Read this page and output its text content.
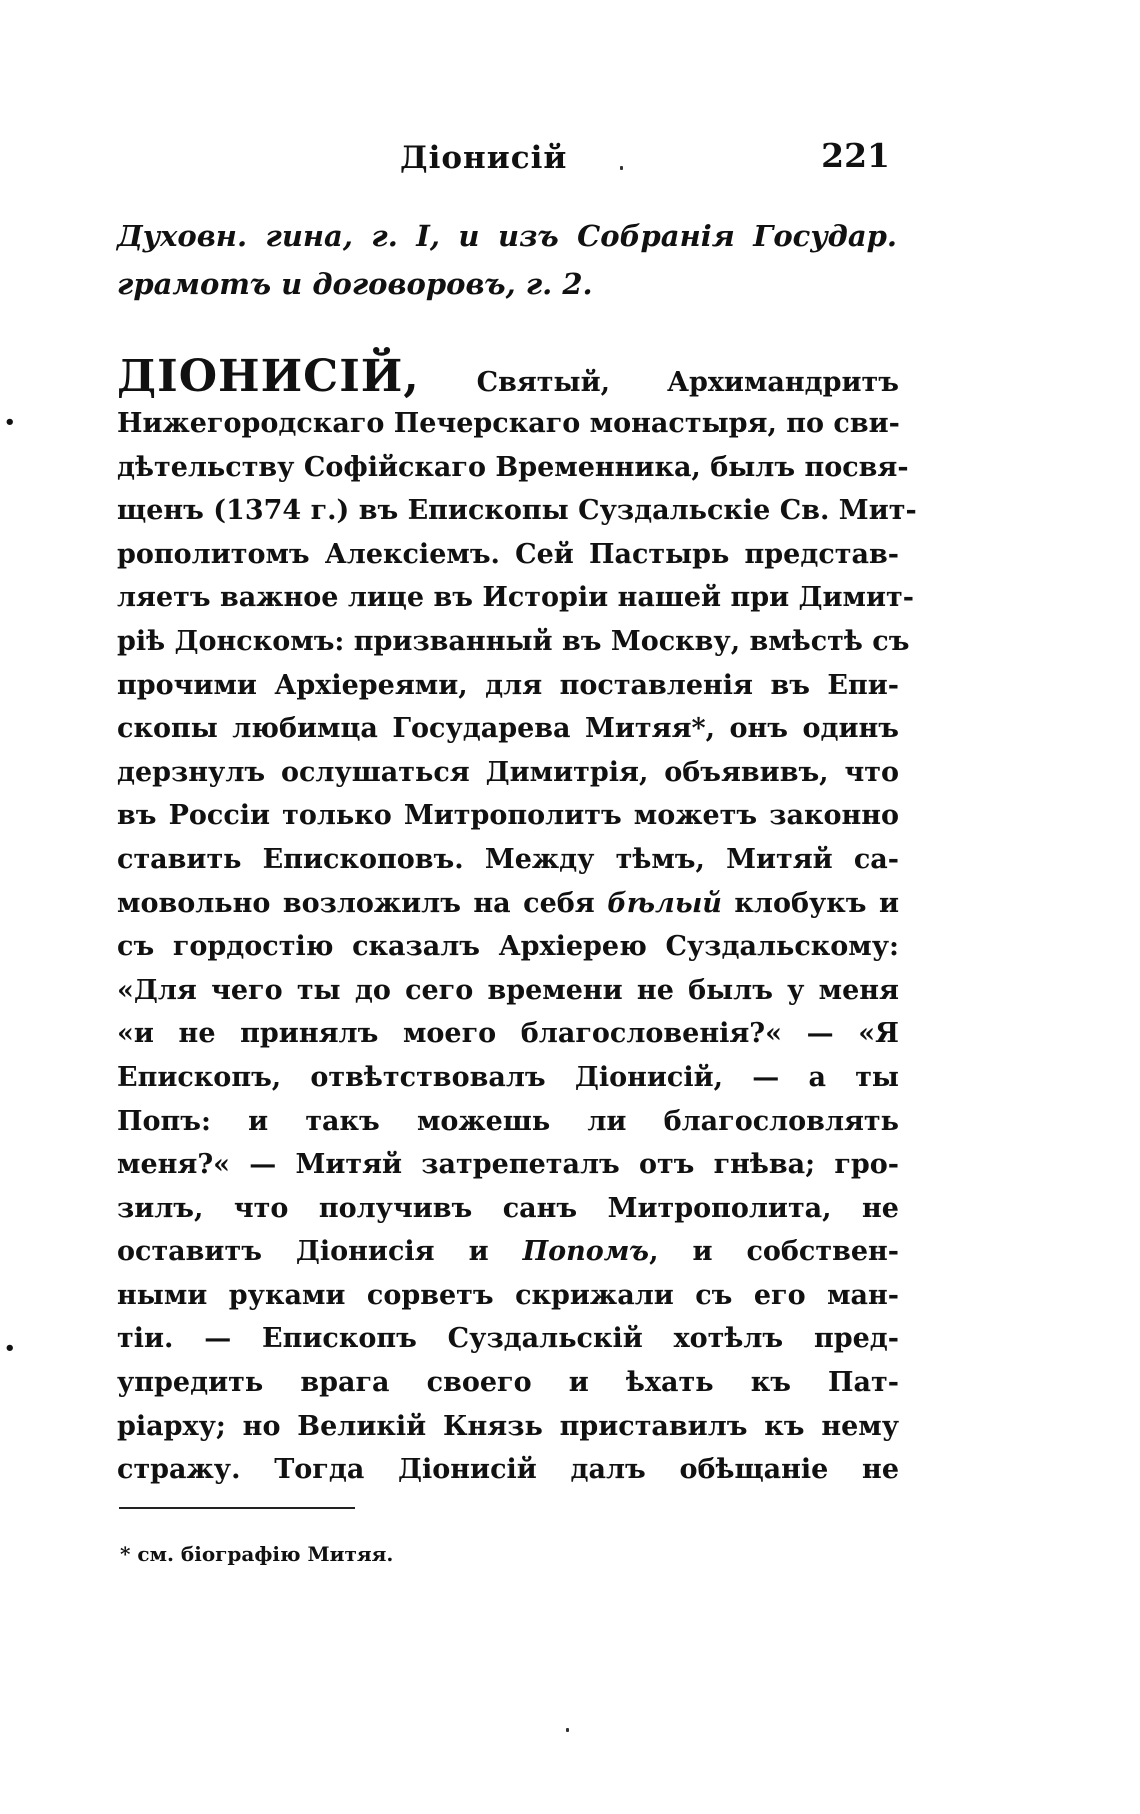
Діонисій	221
Духовн. гина, г. I, и изъ Собранія Государ.
грамотъ и договоровъ, г. 2.
ДІОНИСІЙ, Святый, Архимандритъ
Нижегородскаго Печерскаго монастыря, по сви-
дѣтельству Софійскаго Временника, былъ посвя-
щенъ (1374 г.) въ Епископы Суздальскіе Св. Мит-
рополитомъ Алексіемъ. Сей Пастырь представ-
ляетъ важное лице въ Исторіи нашей при Димит-
ріѣ Донскомъ: призванный въ Москву, вмѣстѣ съ
прочими Архіереями, для поставленія въ Епи-
скопы любимца Государева Митяя*, онъ одинъ
дерзнулъ ослушаться Димитрія, объявивъ, что
въ Россіи только Митрополитъ можетъ законно
ставить Епископовъ. Между тѣмъ, Митяй са-
мовольно возложилъ на себя бѣлый клобукъ и
съ гордостію сказалъ Архіерею Суздальскому:
«Для чего ты до сего времени не былъ у меня
«и не принялъ моего благословенія?« — «Я
Епископъ, отвѣтствовалъ Діонисій, — а ты
Попъ: и такъ можешь ли благословлять
меня?« — Митяй затрепеталъ отъ гнѣва; гро-
зилъ, что получивъ санъ Митрополита, не
оставитъ Діонисія и Попомъ, и собствен-
ными руками сорветъ скрижали съ его ман-
тіи. — Епископъ Суздальскій хотѣлъ пред-
упредить врага своего и ѣхать къ Пат-
ріарху; но Великій Князь приставилъ къ нему
стражу. Тогда Діонисій далъ обѣщаніе не
* см. біографію Митяя.
•
•
